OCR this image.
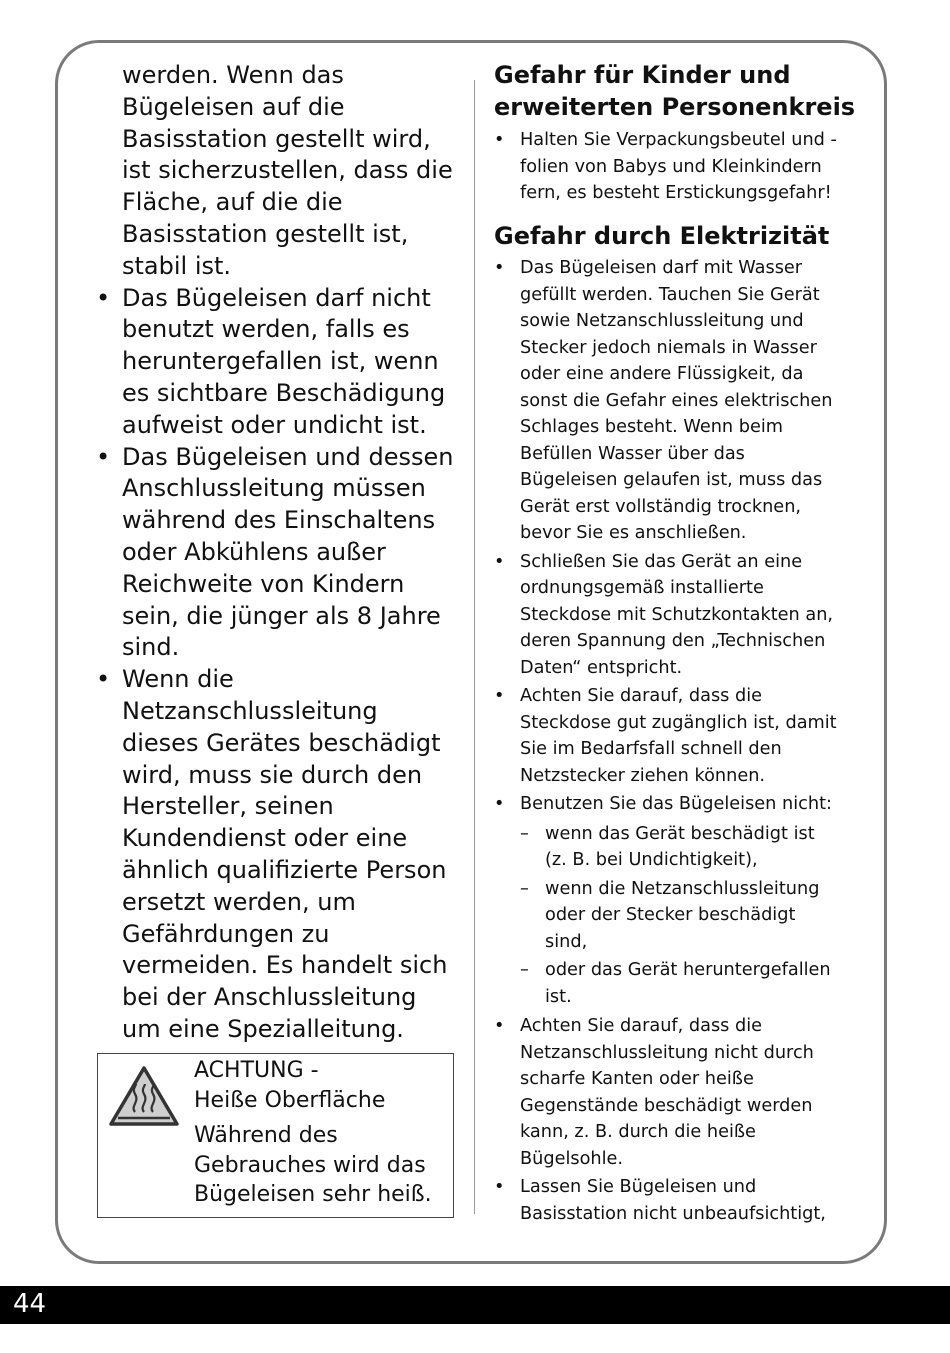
werden. Wenn das

Bügeleisen auf die

Basisstation gestellt wird,

ist sicherzustellen, dass die

Fläche, auf die die

Basisstation gestellt ist,

stabil ist.

• Das Bügeleisen darf nicht
benutzt werden, falls es
heruntergefallen ist, wenn
es sichtbare Beschädigung
aufweist oder undicht ist.
• Das Bügeleisen und dessen
Anschlussleitung müssen
während des Einschaltens
oder Abkühlens außer
Reichweite von Kindern
sein, die jünger als 8 Jahre
sind.
• Wenn die
Netzanschlussleitung
dieses Gerätes beschädigt
wird, muss sie durch den
Hersteller, seinen
Kundendienst oder eine
ähnlich qualifizierte Person
ersetzt werden, um
Gefährdungen zu
vermeiden. Es handelt sich
bei der Anschlussleitung
um eine Spezialleitung.
ACHTUNG -
Heiße Oberfläche
Während des
Gebrauches wird das
Bügeleisen sehr heiß.
Gefahr für Kinder und
erweiterten Personenkreis
• Halten Sie Verpackungsbeutel und -
folien von Babys und Kleinkindern
fern, es besteht Erstickungsgefahr!
Gefahr durch Elektrizität
• Das Bügeleisen darf mit Wasser
gefüllt werden. Tauchen Sie Gerät
sowie Netzanschlussleitung und
Stecker jedoch niemals in Wasser
oder eine andere Flüssigkeit, da
sonst die Gefahr eines elektrischen
Schlages besteht. Wenn beim
Befüllen Wasser über das
Bügeleisen gelaufen ist, muss das
Gerät erst vollständig trocknen,
bevor Sie es anschließen.
• Schließen Sie das Gerät an eine
ordnungsgemäß installierte
Steckdose mit Schutzkontakten an,
deren Spannung den „Technischen
Daten“ entspricht.
• Achten Sie darauf, dass die
Steckdose gut zugänglich ist, damit
Sie im Bedarfsfall schnell den
Netzstecker ziehen können.
• Benutzen Sie das Bügeleisen nicht:
– wenn das Gerät beschädigt ist
(z. B. bei Undichtigkeit),
– wenn die Netzanschlussleitung
oder der Stecker beschädigt
sind,
– oder das Gerät heruntergefallen
ist.
• Achten Sie darauf, dass die
Netzanschlussleitung nicht durch
scharfe Kanten oder heiße
Gegenstände beschädigt werden
kann, z. B. durch die heiße
Bügelsohle.
• Lassen Sie Bügeleisen und
Basisstation nicht unbeaufsichtigt,
44
